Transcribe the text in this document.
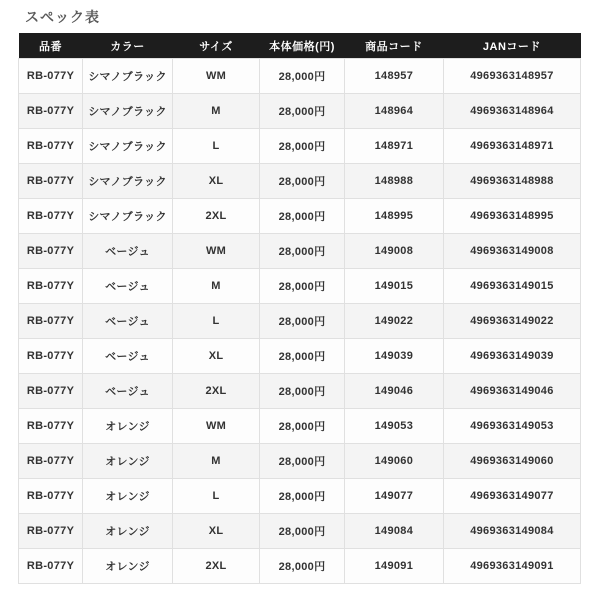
スペック表
品番	カラー	サイズ	本体価格(円)	商品コード	JANコード
RB-077Y	シマノブラック	WM	28,000円	148957	4969363148957
RB-077Y	シマノブラック	M	28,000円	148964	4969363148964
RB-077Y	シマノブラック	L	28,000円	148971	4969363148971
RB-077Y	シマノブラック	XL	28,000円	148988	4969363148988
RB-077Y	シマノブラック	2XL	28,000円	148995	4969363148995
RB-077Y	ベージュ	WM	28,000円	149008	4969363149008
RB-077Y	ベージュ	M	28,000円	149015	4969363149015
RB-077Y	ベージュ	L	28,000円	149022	4969363149022
RB-077Y	ベージュ	XL	28,000円	149039	4969363149039
RB-077Y	ベージュ	2XL	28,000円	149046	4969363149046
RB-077Y	オレンジ	WM	28,000円	149053	4969363149053
RB-077Y	オレンジ	M	28,000円	149060	4969363149060
RB-077Y	オレンジ	L	28,000円	149077	4969363149077
RB-077Y	オレンジ	XL	28,000円	149084	4969363149084
RB-077Y	オレンジ	2XL	28,000円	149091	4969363149091
